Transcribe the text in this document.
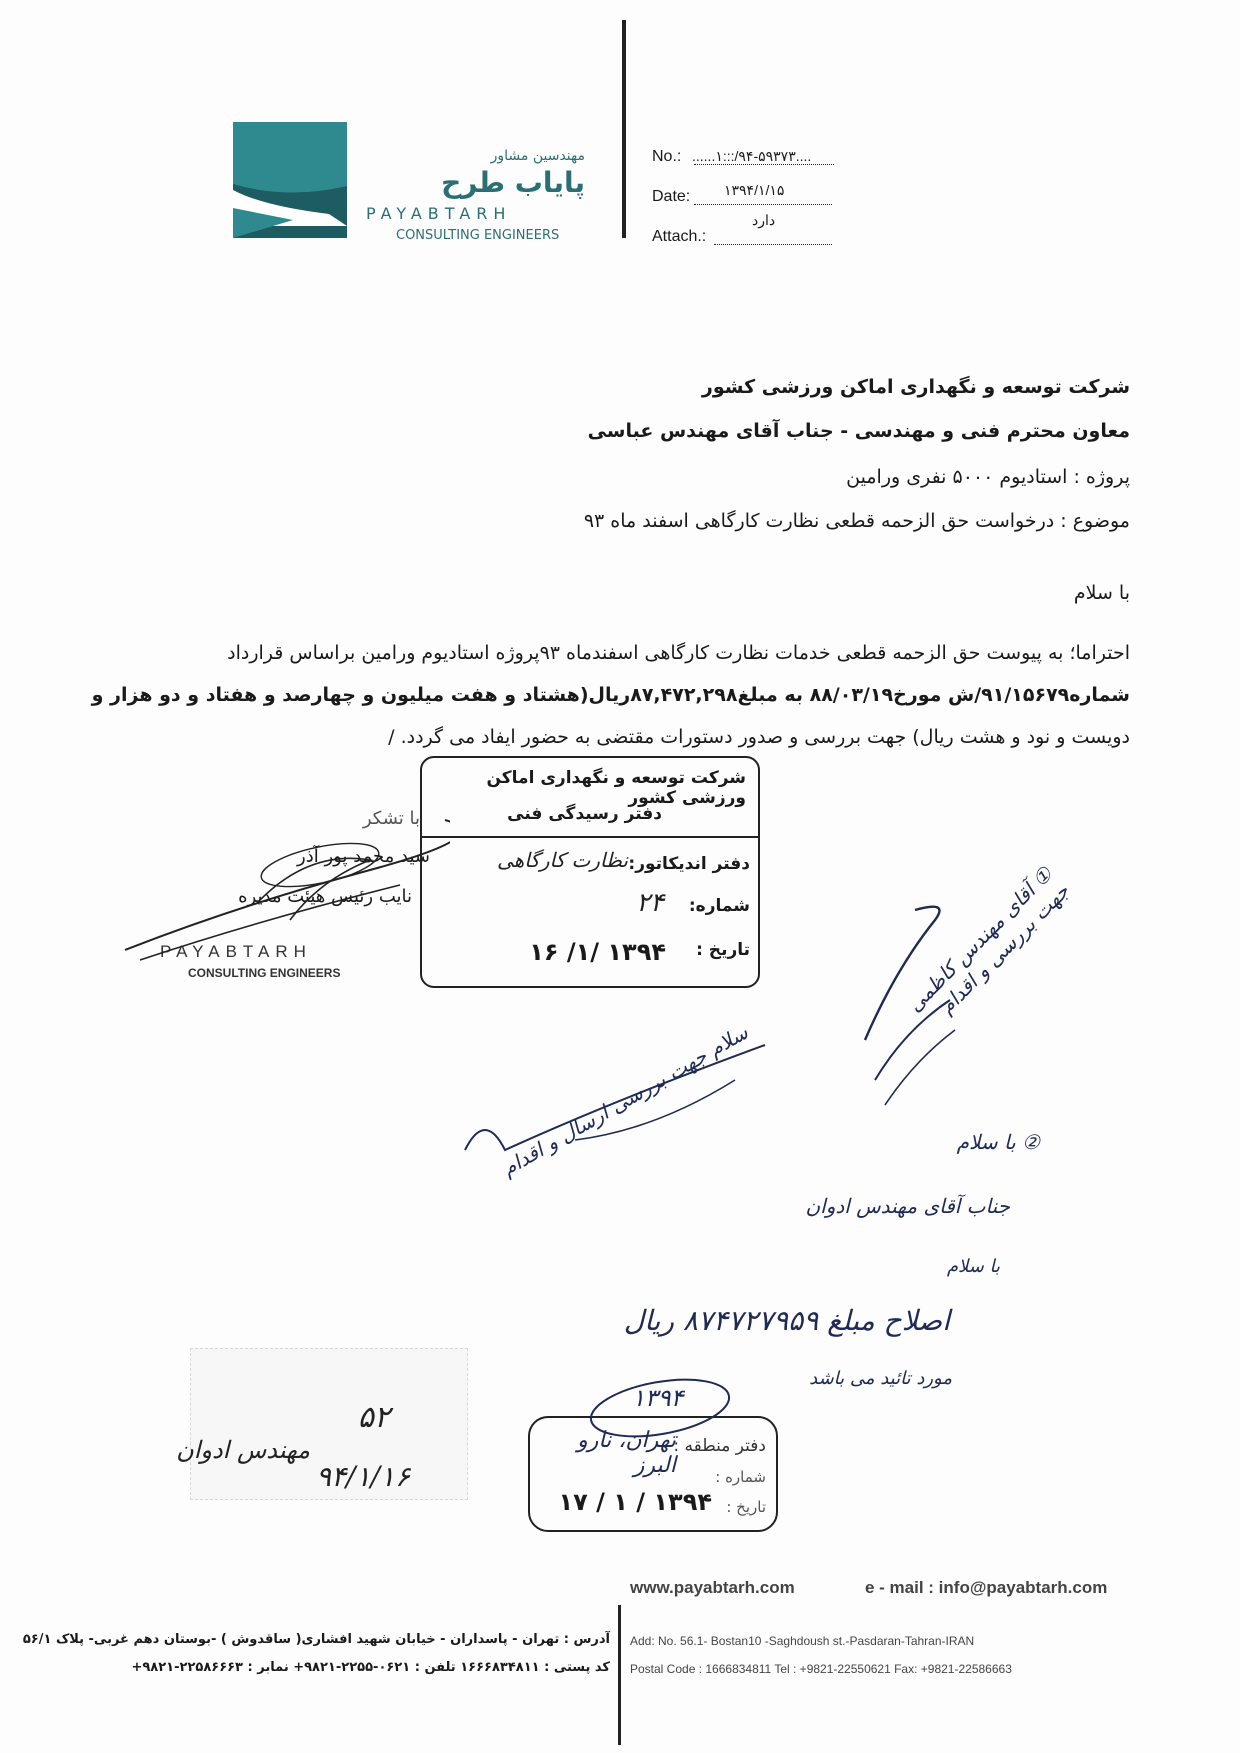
مهندسین مشاور
پایاب طرح
PAYABTARH
CONSULTING ENGINEERS
No.: ......۱:::/۹۴-۵۹۳۷۳....
Date: ۱۳۹۴/۱/۱۵
Attach.:
دارد
شرکت توسعه و نگهداری اماکن ورزشی کشور
معاون محترم فنی و مهندسی - جناب آقای مهندس عباسی
پروژه : استادیوم ۵۰۰۰ نفری ورامین
موضوع : درخواست حق الزحمه قطعی نظارت کارگاهی اسفند ماه ۹۳
با سلام
احتراما؛ به پیوست حق الزحمه قطعی خدمات نظارت کارگاهی اسفندماه ۹۳پروژه استادیوم ورامین براساس قرارداد
شماره۹۱/۱۵۶۷۹/ش مورخ۸۸/۰۳/۱۹ به مبلغ۸۷,۴۷۲,۲۹۸ریال(هشتاد و هفت میلیون و چهارصد و هفتاد و دو هزار و
دویست و نود و هشت ریال) جهت بررسی و صدور دستورات مقتضی به حضور ایفاد می گردد. /
با تشکر
سید محمد پور آذر
نایب رئیس هیئت مدیره
PAYABTARH
CONSULTING ENGINEERS
شرکت توسعه و نگهداری اماکن ورزشی کشور
دفتر رسیدگی فنی
دفتر اندیکاتور:
نظارت کارگاهی
شماره:
۲۴
تاریخ :
۱۳۹۴ /۱/ ۱۶	① آقای مهندس کاظمی جهت بررسی و اقدام
② با سلام
جناب آقای مهندس ادوان
با سلام
اصلاح مبلغ ۸۷۴۷۲۷۹۵۹ ریال
مورد تائید می باشد
سلام جهت بررسی ارسال و اقدام
۵۲
مهندس ادوان
۹۴/۱/۱۶
دفتر منطقه :
تهران، نارو البرز	شماره :
تاریخ :
۱۳۹۴ / ۱ / ۱۷
۱۳۹۴
www.payabtarh.com	e - mail : info@payabtarh.com
آدرس : تهران - پاسداران - خیابان شهید افشاری( ساقدوش ) -بوستان دهم غربی- پلاک ۵۶/۱
کد پستی : ۱۶۶۶۸۳۴۸۱۱ تلفن : ۰۶۲۱-۲۲۵۵-۹۸۲۱+ نمابر : ۲۲۵۸۶۶۶۳-۹۸۲۱+
Add: No. 56.1- Bostan10 -Saghdoush st.-Pasdaran-Tahran-IRAN
Postal Code : 1666834811 Tel : +9821-22550621 Fax: +9821-22586663
